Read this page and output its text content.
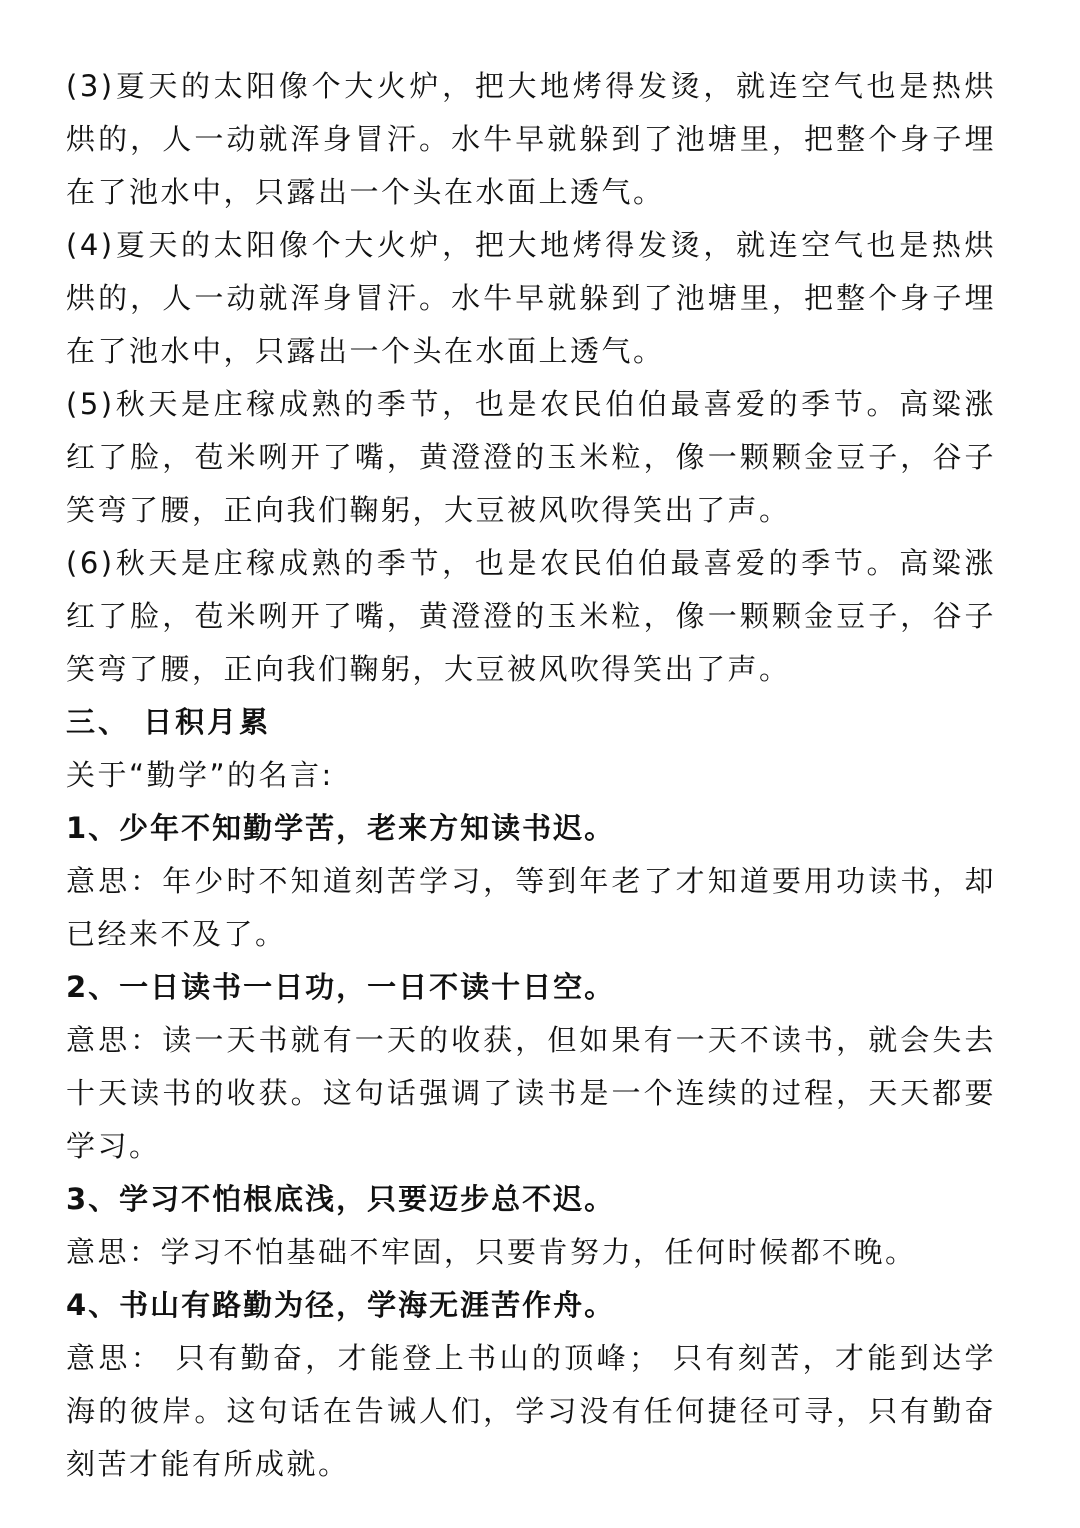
(3)夏天的太阳像个大火炉，把大地烤得发烫，就连空气也是热烘烘的，人一动就浑身冒汗。水牛早就躲到了池塘里，把整个身子埋在了池水中，只露出一个头在水面上透气。

(4)夏天的太阳像个大火炉，把大地烤得发烫，就连空气也是热烘烘的，人一动就浑身冒汗。水牛早就躲到了池塘里，把整个身子埋在了池水中，只露出一个头在水面上透气。

(5)秋天是庄稼成熟的季节，也是农民伯伯最喜爱的季节。高粱涨红了脸，苞米咧开了嘴，黄澄澄的玉米粒，像一颗颗金豆子，谷子笑弯了腰，正向我们鞠躬，大豆被风吹得笑出了声。

(6)秋天是庄稼成熟的季节，也是农民伯伯最喜爱的季节。高粱涨红了脸，苞米咧开了嘴，黄澄澄的玉米粒，像一颗颗金豆子，谷子笑弯了腰，正向我们鞠躬，大豆被风吹得笑出了声。

三、 日积月累

关于“勤学”的名言:

1、少年不知勤学苦，老来方知读书迟。

意思：年少时不知道刻苦学习，等到年老了才知道要用功读书，却已经来不及了。

2、一日读书一日功，一日不读十日空。

意思：读一天书就有一天的收获，但如果有一天不读书，就会失去十天读书的收获。这句话强调了读书是一个连续的过程，天天都要学习。

3、学习不怕根底浅，只要迈步总不迟。

意思：学习不怕基础不牢固，只要肯努力，任何时候都不晚。

4、书山有路勤为径，学海无涯苦作舟。

意思： 只有勤奋，才能登上书山的顶峰； 只有刻苦，才能到达学海的彼岸。这句话在告诫人们，学习没有任何捷径可寻，只有勤奋刻苦才能有所成就。
